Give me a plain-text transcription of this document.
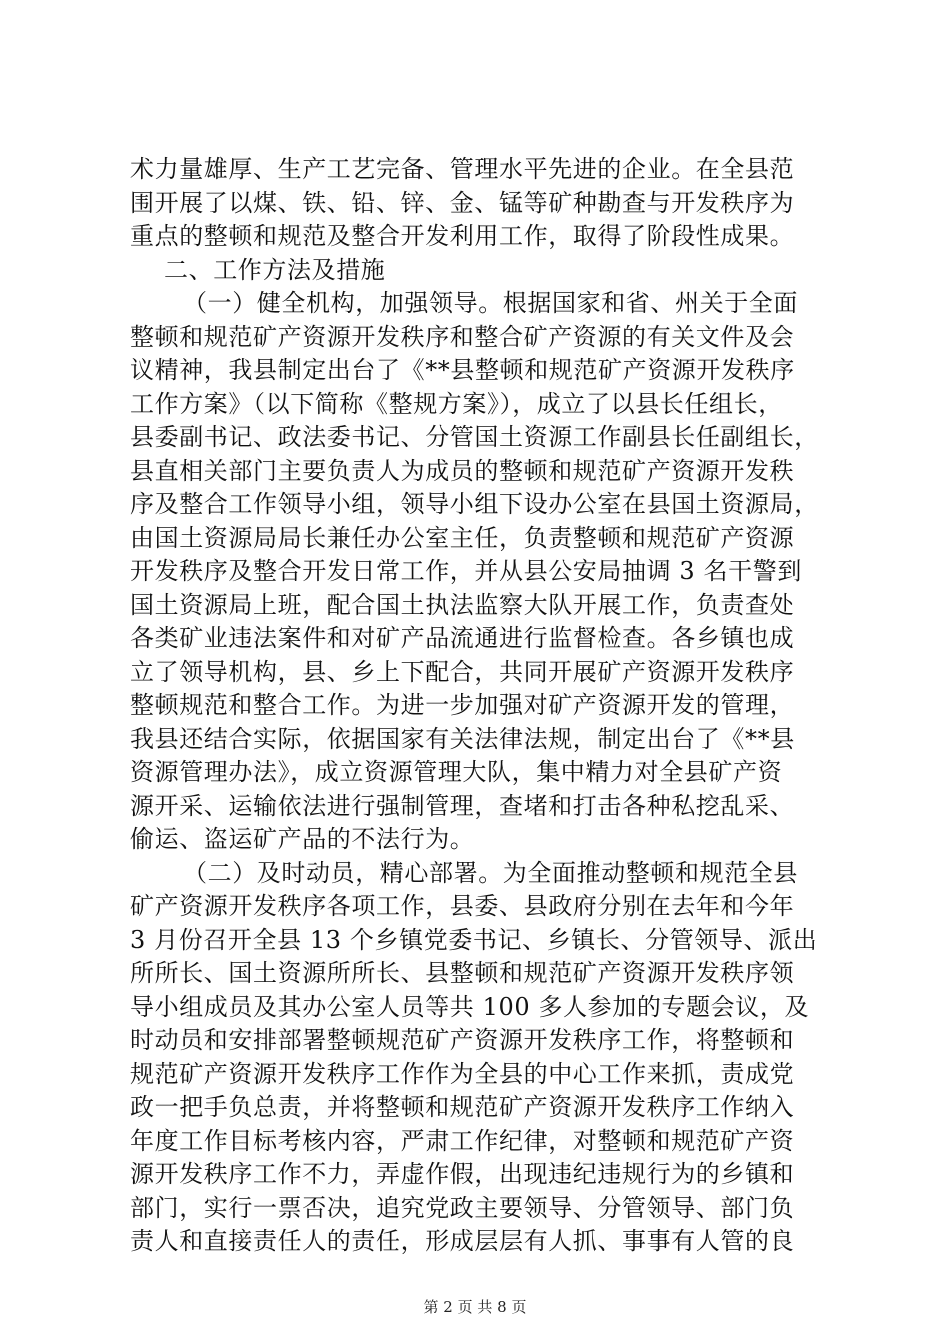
术力量雄厚、生产工艺完备、管理水平先进的企业。在全县范
围开展了以煤、铁、铅、锌、金、锰等矿种勘查与开发秩序为
重点的整顿和规范及整合开发利用工作，取得了阶段性成果。
二、工作方法及措施
（一）健全机构，加强领导。根据国家和省、州关于全面
整顿和规范矿产资源开发秩序和整合矿产资源的有关文件及会
议精神，我县制定出台了《**县整顿和规范矿产资源开发秩序
工作方案》（以下简称《整规方案》），成立了以县长任组长，
县委副书记、政法委书记、分管国土资源工作副县长任副组长，
县直相关部门主要负责人为成员的整顿和规范矿产资源开发秩
序及整合工作领导小组，领导小组下设办公室在县国土资源局，
由国土资源局局长兼任办公室主任，负责整顿和规范矿产资源
开发秩序及整合开发日常工作，并从县公安局抽调 3 名干警到
国土资源局上班，配合国土执法监察大队开展工作，负责查处
各类矿业违法案件和对矿产品流通进行监督检查。各乡镇也成
立了领导机构，县、乡上下配合，共同开展矿产资源开发秩序
整顿规范和整合工作。为进一步加强对矿产资源开发的管理，
我县还结合实际，依据国家有关法律法规，制定出台了《**县
资源管理办法》，成立资源管理大队，集中精力对全县矿产资
源开采、运输依法进行强制管理，查堵和打击各种私挖乱采、
偷运、盗运矿产品的不法行为。
（二）及时动员，精心部署。为全面推动整顿和规范全县
矿产资源开发秩序各项工作，县委、县政府分别在去年和今年
3 月份召开全县 13 个乡镇党委书记、乡镇长、分管领导、派出
所所长、国土资源所所长、县整顿和规范矿产资源开发秩序领
导小组成员及其办公室人员等共 100 多人参加的专题会议，及
时动员和安排部署整顿规范矿产资源开发秩序工作，将整顿和
规范矿产资源开发秩序工作作为全县的中心工作来抓，责成党
政一把手负总责，并将整顿和规范矿产资源开发秩序工作纳入
年度工作目标考核内容，严肃工作纪律，对整顿和规范矿产资
源开发秩序工作不力，弄虚作假，出现违纪违规行为的乡镇和
部门，实行一票否决，追究党政主要领导、分管领导、部门负
责人和直接责任人的责任，形成层层有人抓、事事有人管的良
第 2 页 共 8 页
